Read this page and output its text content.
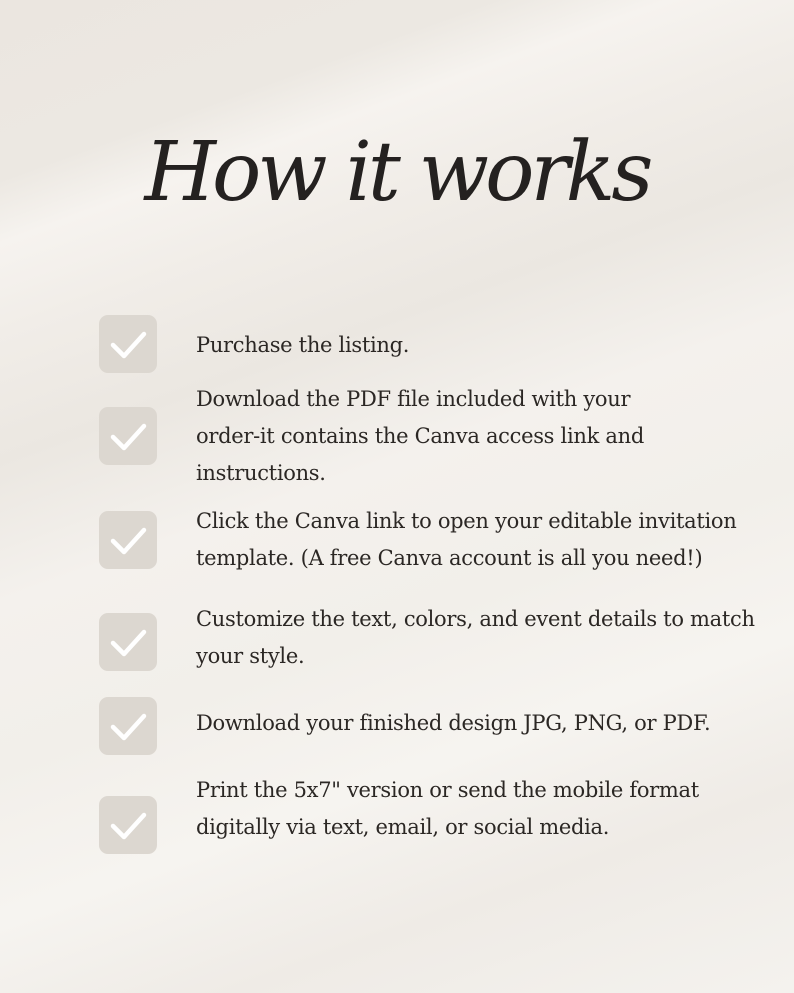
How it works

Purchase the listing.

Download the PDF file included with your order-it contains the Canva access link and instructions.

Click the Canva link to open your editable invitation template. (A free Canva account is all you need!)

Customize the text, colors, and event details to match your style.

Download your finished design JPG, PNG, or PDF.

Print the 5x7" version or send the mobile format digitally via text, email, or social media.
